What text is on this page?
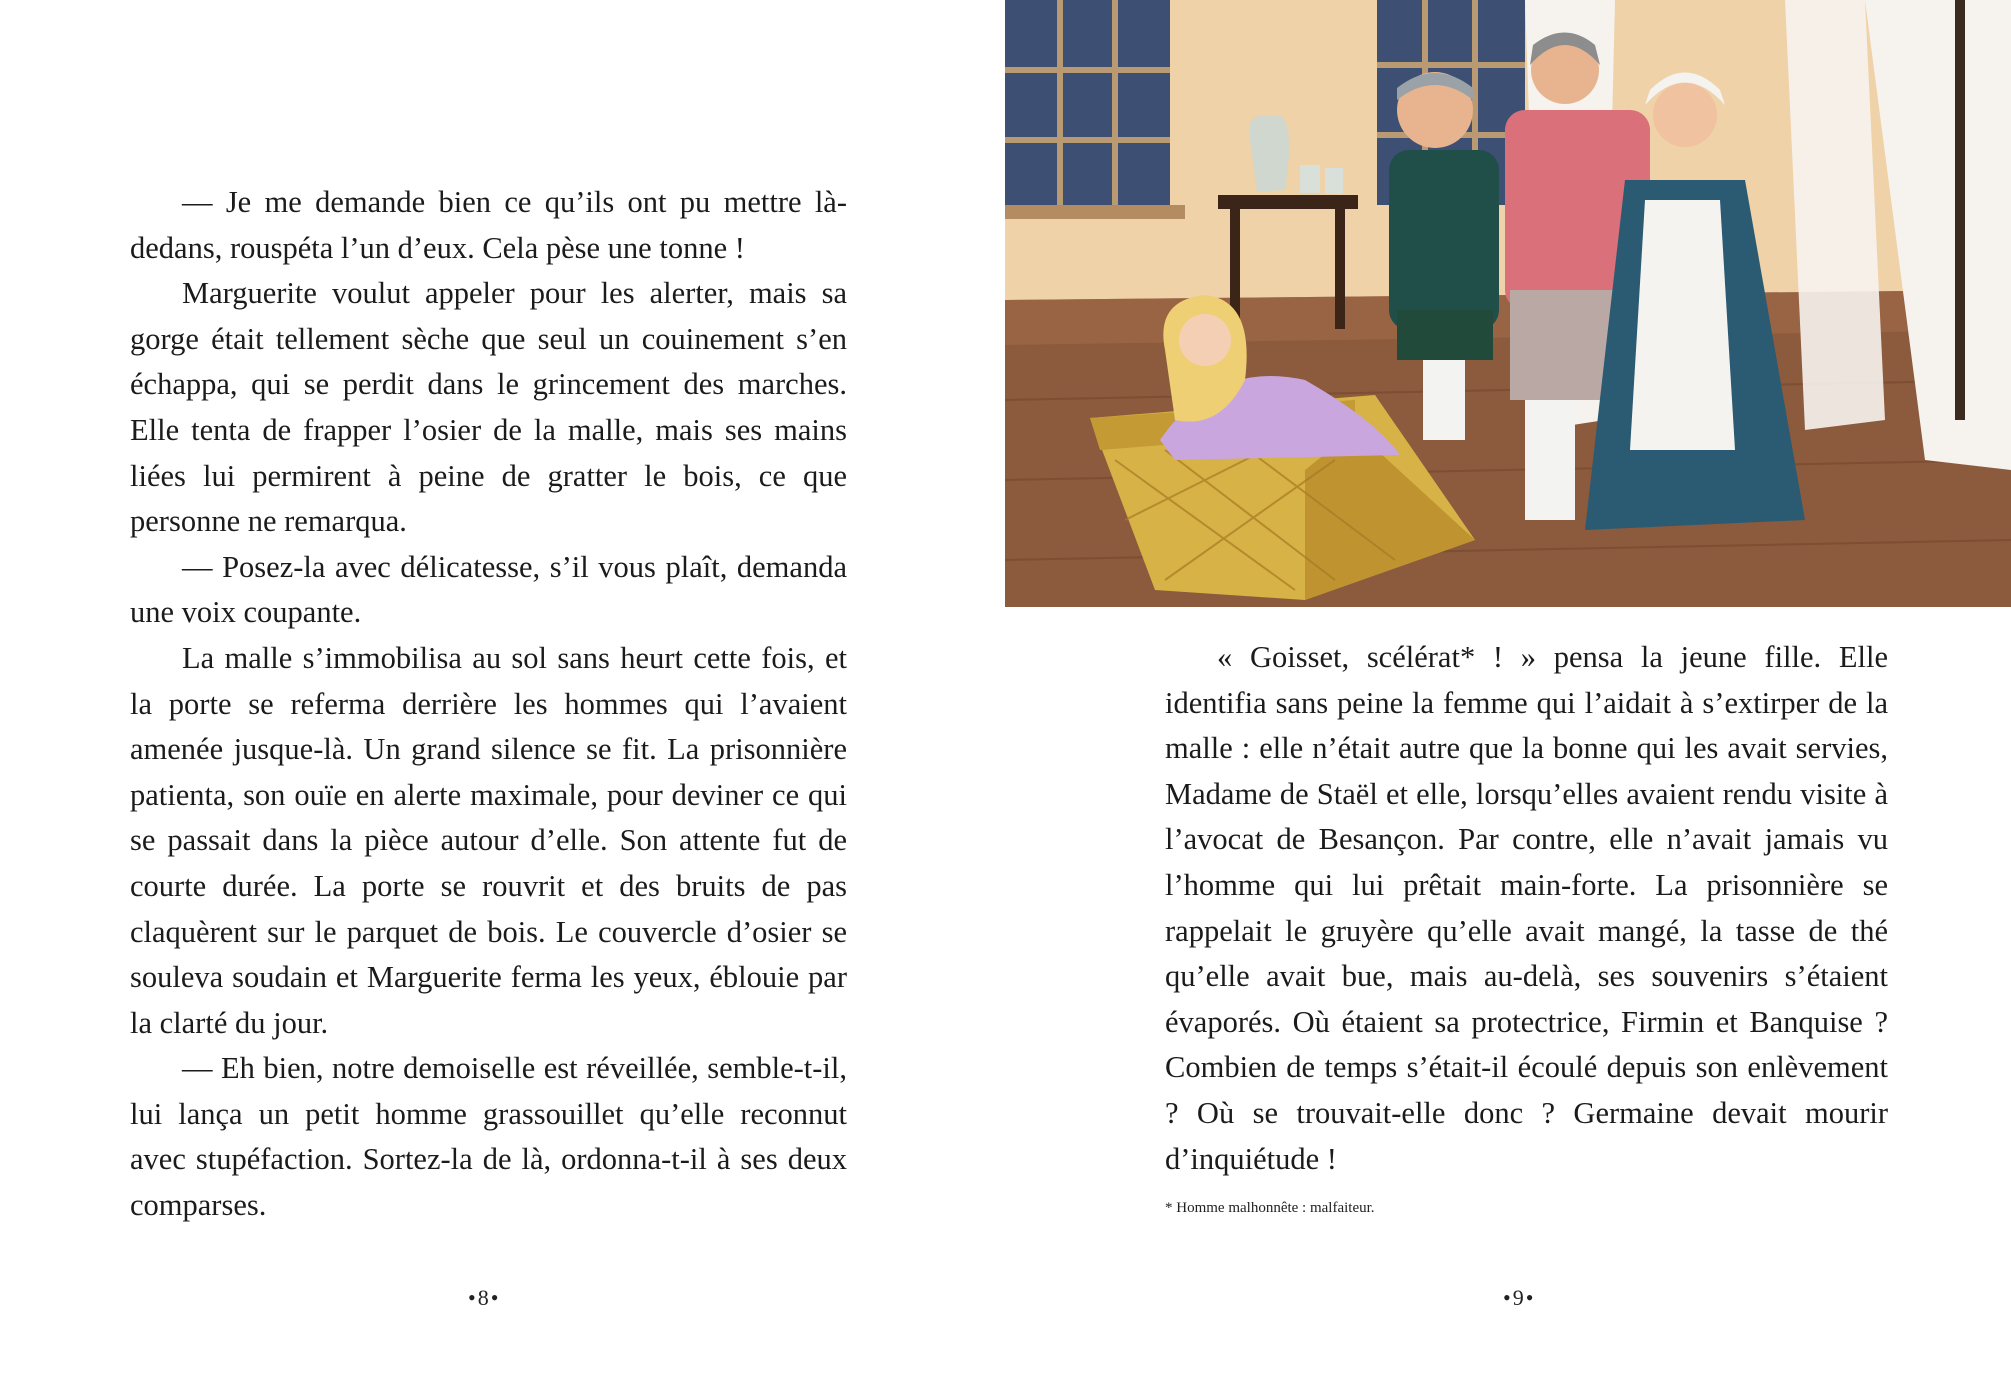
— Je me demande bien ce qu’ils ont pu mettre là-dedans, rouspéta l’un d’eux. Cela pèse une tonne !

Marguerite voulut appeler pour les alerter, mais sa gorge était tellement sèche que seul un couinement s’en échappa, qui se perdit dans le grincement des marches. Elle tenta de frapper l’osier de la malle, mais ses mains liées lui permirent à peine de gratter le bois, ce que personne ne remarqua.

— Posez-la avec délicatesse, s’il vous plaît, demanda une voix coupante.

La malle s’immobilisa au sol sans heurt cette fois, et la porte se referma derrière les hommes qui l’avaient amenée jusque-là. Un grand silence se fit. La prisonnière patienta, son ouïe en alerte maximale, pour deviner ce qui se passait dans la pièce autour d’elle. Son attente fut de courte durée. La porte se rouvrit et des bruits de pas claquèrent sur le parquet de bois. Le couvercle d’osier se souleva soudain et Marguerite ferma les yeux, éblouie par la clarté du jour.

— Eh bien, notre demoiselle est réveillée, semble-t-il, lui lança un petit homme grassouillet qu’elle reconnut avec stupéfaction. Sortez-la de là, ordonna-t-il à ses deux comparses.

•8•

« Goisset, scélérat* ! » pensa la jeune fille. Elle identifia sans peine la femme qui l’aidait à s’extirper de la malle : elle n’était autre que la bonne qui les avait servies, Madame de Staël et elle, lorsqu’elles avaient rendu visite à l’avocat de Besançon. Par contre, elle n’avait jamais vu l’homme qui lui prêtait main-forte. La prisonnière se rappelait le gruyère qu’elle avait mangé, la tasse de thé qu’elle avait bue, mais au-delà, ses souvenirs s’étaient évaporés. Où étaient sa protectrice, Firmin et Banquise ? Combien de temps s’était-il écoulé depuis son enlèvement ? Où se trouvait-elle donc ? Germaine devait mourir d’inquiétude !

* Homme malhonnête : malfaiteur.
•9•
